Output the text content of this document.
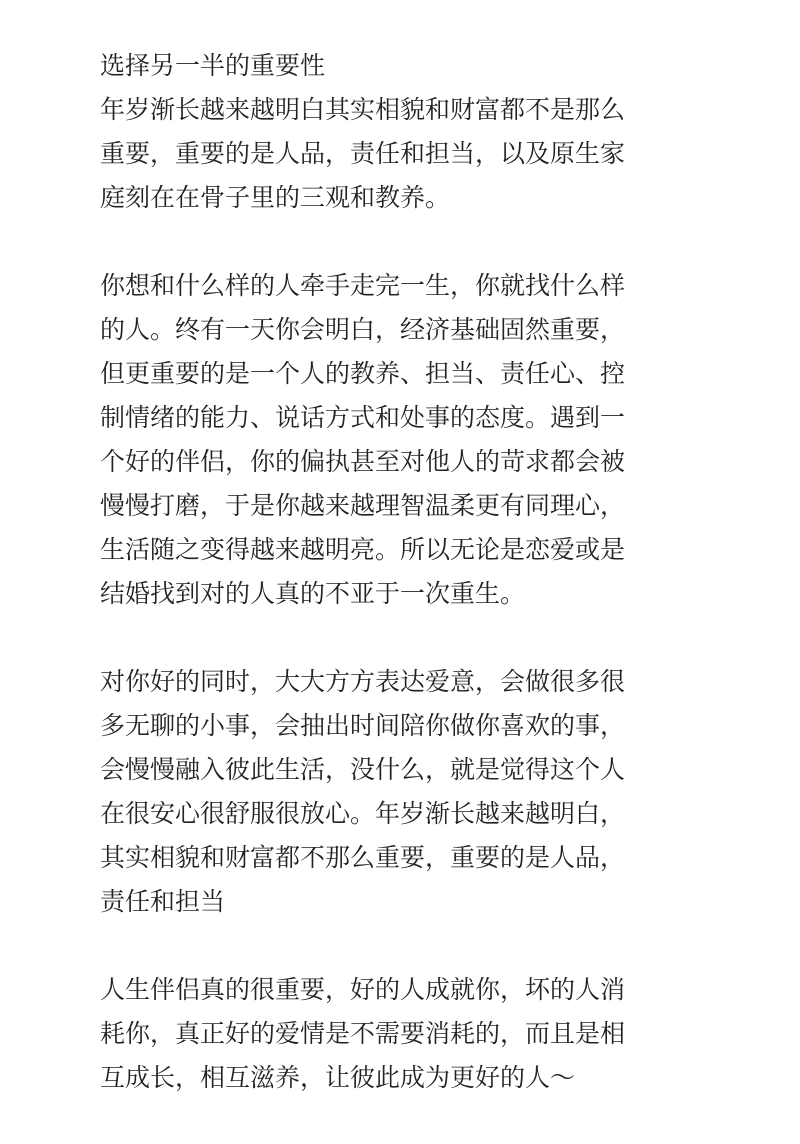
选择另一半的重要性
年岁渐长越来越明白其实相貌和财富都不是那么
重要，重要的是人品，责任和担当，以及原生家
庭刻在在骨子里的三观和教养。
你想和什么样的人牵手走完一生，你就找什么样
的人。终有一天你会明白，经济基础固然重要，
但更重要的是一个人的教养、担当、责任心、控
制情绪的能力、说话方式和处事的态度。遇到一
个好的伴侣，你的偏执甚至对他人的苛求都会被
慢慢打磨，于是你越来越理智温柔更有同理心，
生活随之变得越来越明亮。所以无论是恋爱或是
结婚找到对的人真的不亚于一次重生。
对你好的同时，大大方方表达爱意，会做很多很
多无聊的小事，会抽出时间陪你做你喜欢的事，
会慢慢融入彼此生活，没什么，就是觉得这个人
在很安心很舒服很放心。年岁渐长越来越明白，
其实相貌和财富都不那么重要，重要的是人品，
责任和担当
人生伴侣真的很重要，好的人成就你，坏的人消
耗你，真正好的爱情是不需要消耗的，而且是相
互成长，相互滋养，让彼此成为更好的人～
